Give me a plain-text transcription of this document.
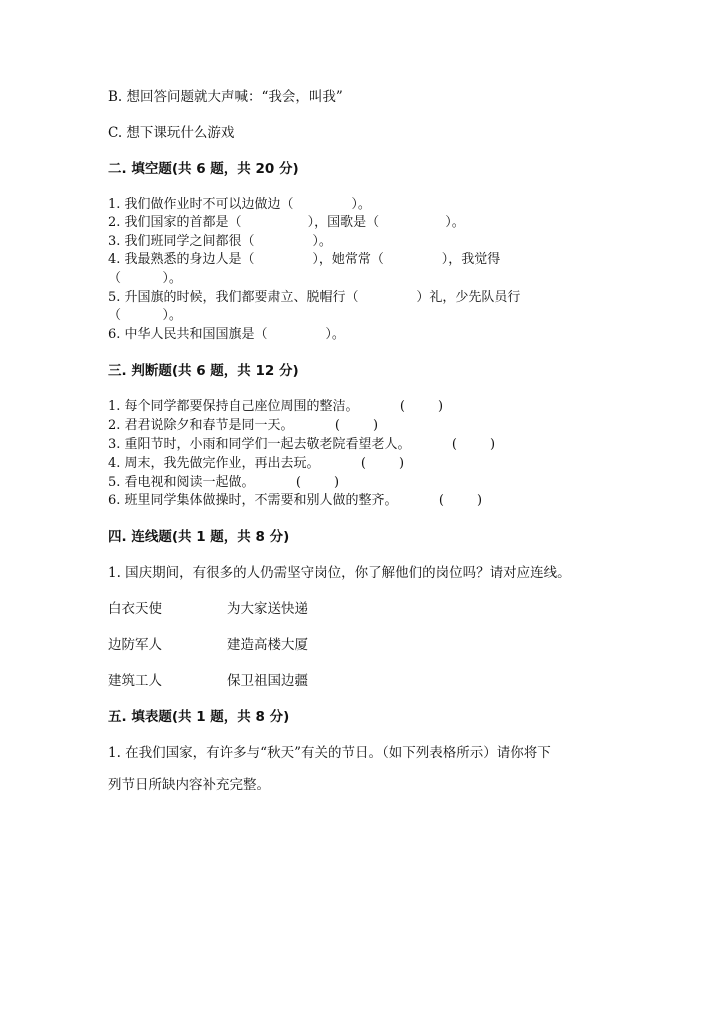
B. 想回答问题就大声喊：“我会，叫我”
C. 想下课玩什么游戏
二. 填空题(共 6 题，共 20 分)
1. 我们做作业时不可以边做边（              ）。
2. 我们国家的首都是（                ），国歌是（                ）。
3. 我们班同学之间都很（              ）。
4. 我最熟悉的身边人是（              ），她常常（              ），我觉得
（          ）。
5. 升国旗的时候，我们都要肃立、脱帽行（              ）礼，少先队员行
（          ）。
6. 中华人民共和国国旗是（              ）。
三. 判断题(共 6 题，共 12 分)
1. 每个同学都要保持自己座位周围的整洁。          (        )
2. 君君说除夕和春节是同一天。          (        )
3. 重阳节时，小雨和同学们一起去敬老院看望老人。          (        )
4. 周末，我先做完作业，再出去玩。          (        )
5. 看电视和阅读一起做。          (        )
6. 班里同学集体做操时，不需要和别人做的整齐。          (        )
四. 连线题(共 1 题，共 8 分)
1. 国庆期间，有很多的人仍需坚守岗位，你了解他们的岗位吗？请对应连线。
白衣天使	为大家送快递
边防军人	建造高楼大厦
建筑工人	保卫祖国边疆
五. 填表题(共 1 题，共 8 分)
1. 在我们国家，有许多与“秋天”有关的节日。（如下列表格所示）请你将下
列节日所缺内容补充完整。
